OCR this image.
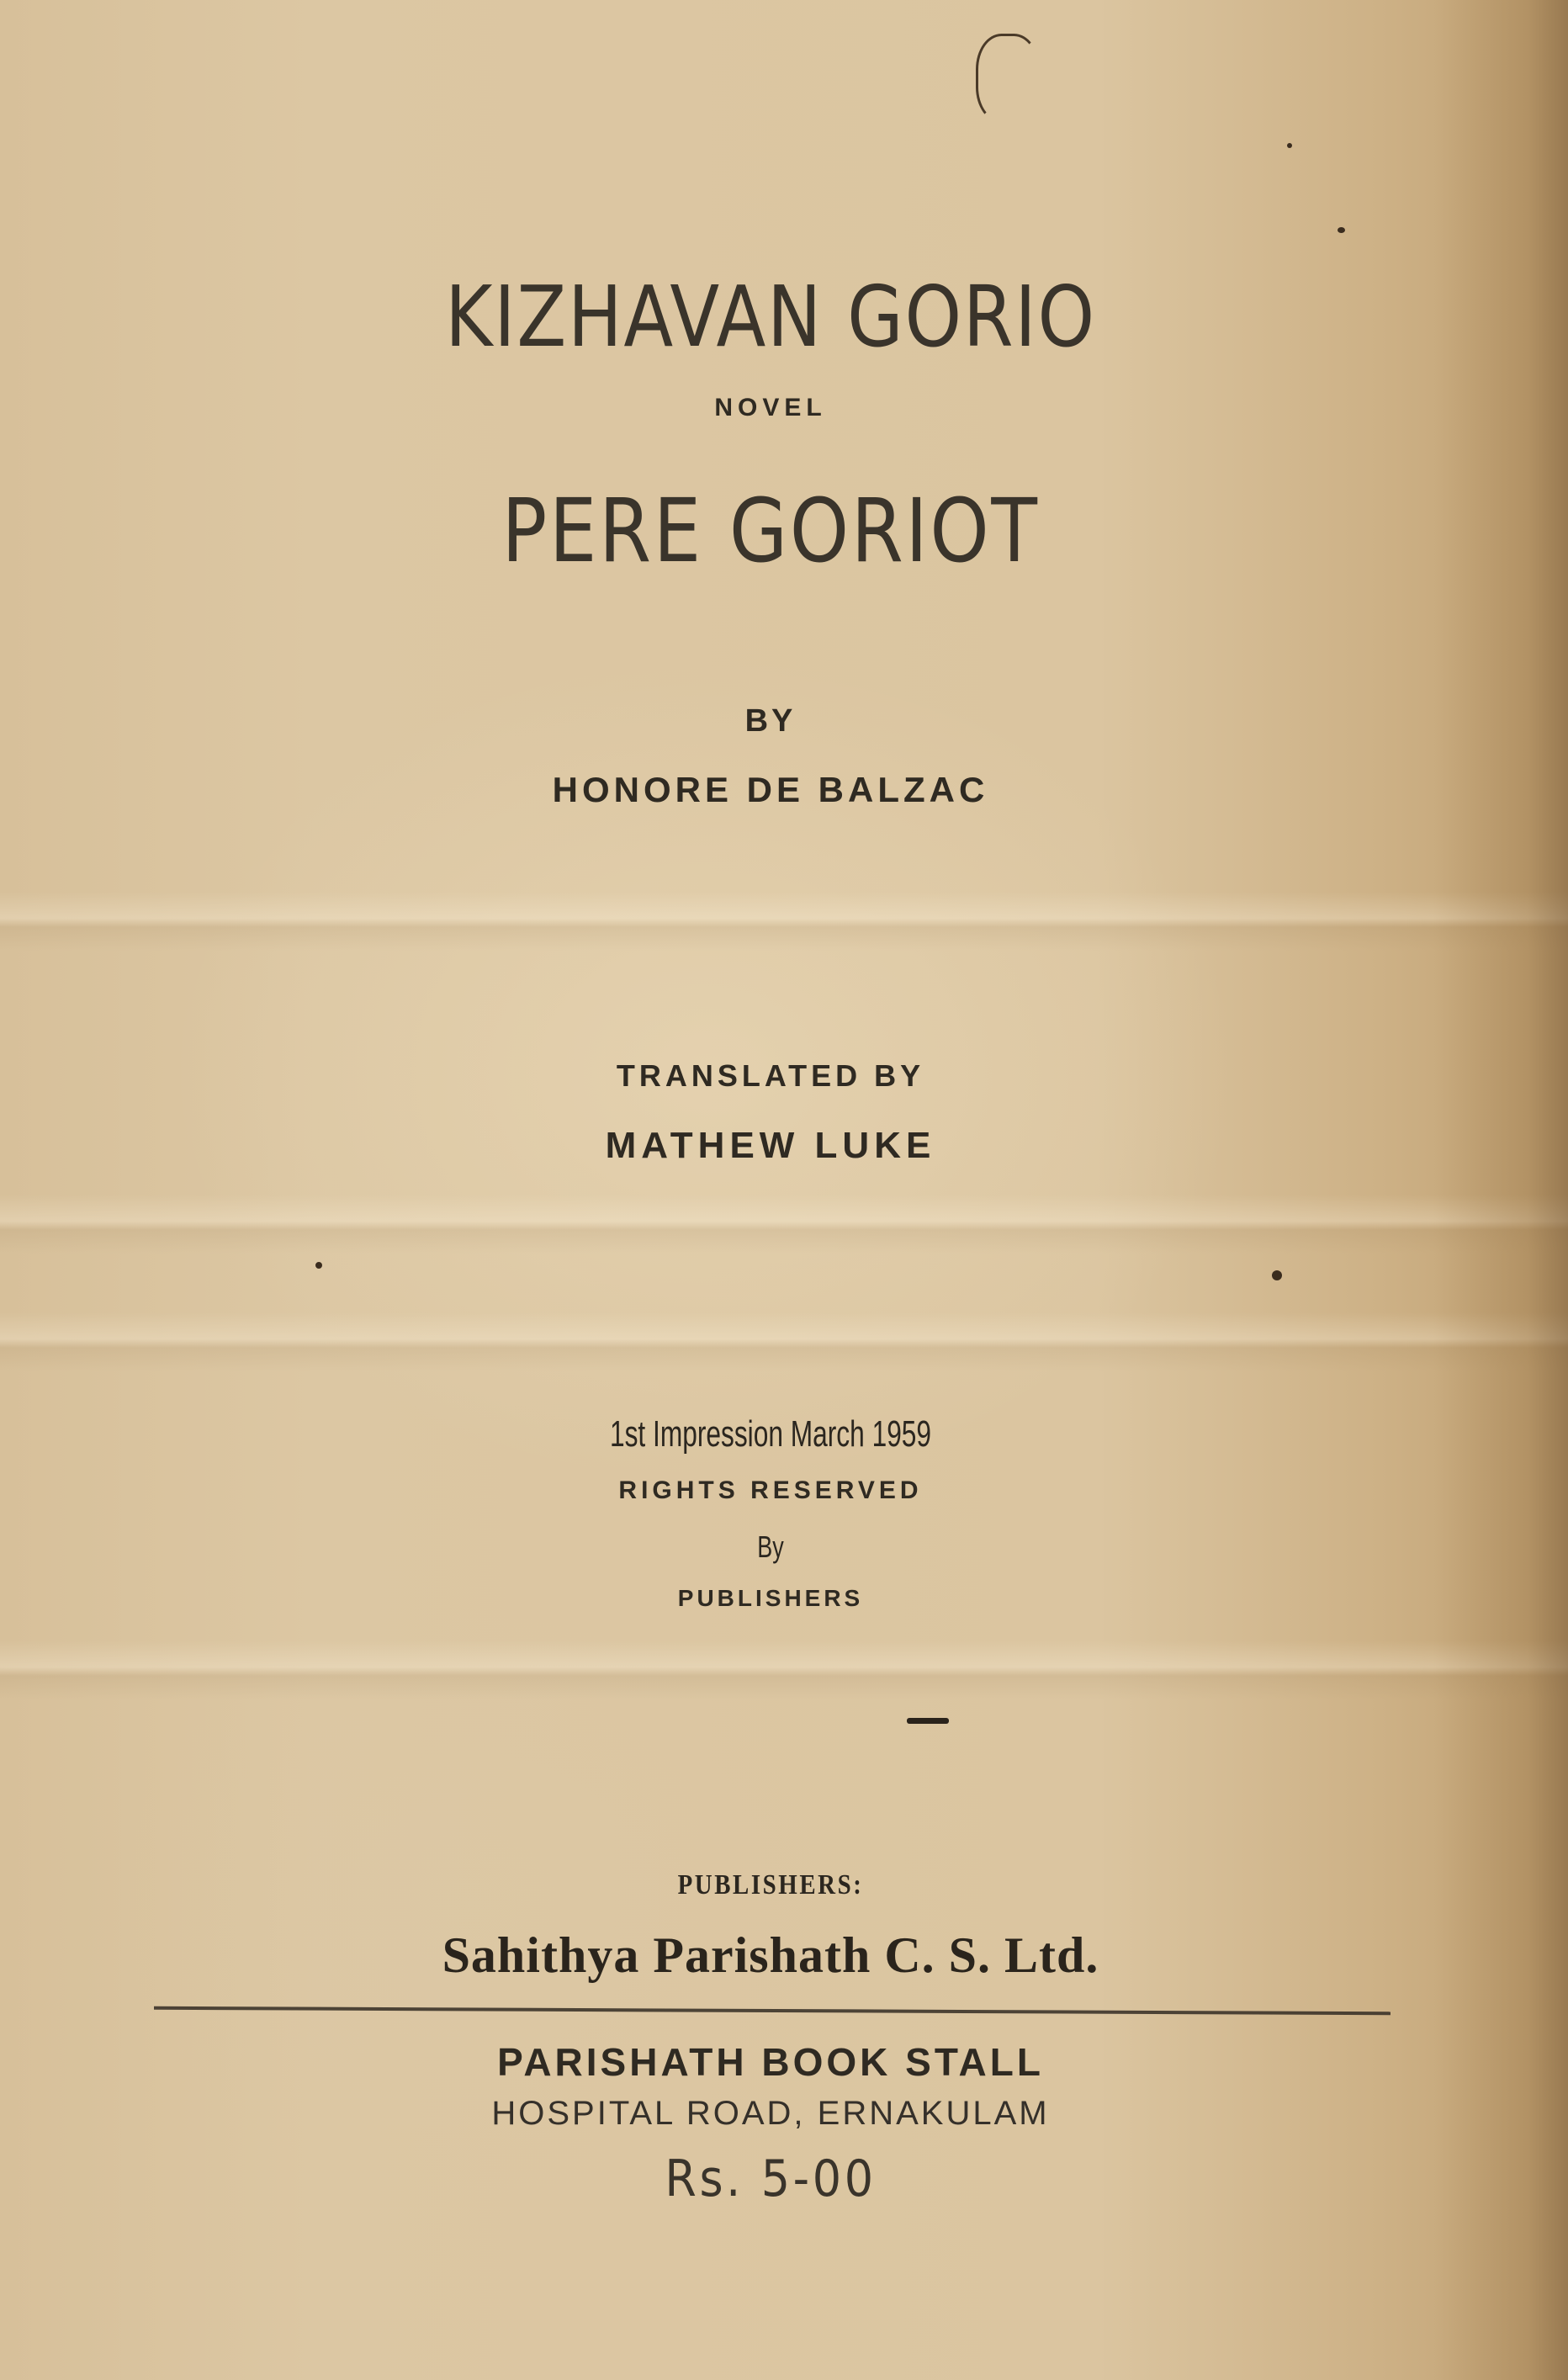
KIZHAVAN GORIO
NOVEL
PERE GORIOT
BY
HONORE DE BALZAC
TRANSLATED BY
MATHEW LUKE
1st Impression March 1959
RIGHTS RESERVED
By
PUBLISHERS
PUBLISHERS:
Sahithya Parishath C. S. Ltd.
PARISHATH BOOK STALL
HOSPITAL ROAD, ERNAKULAM
Rs. 5-00
